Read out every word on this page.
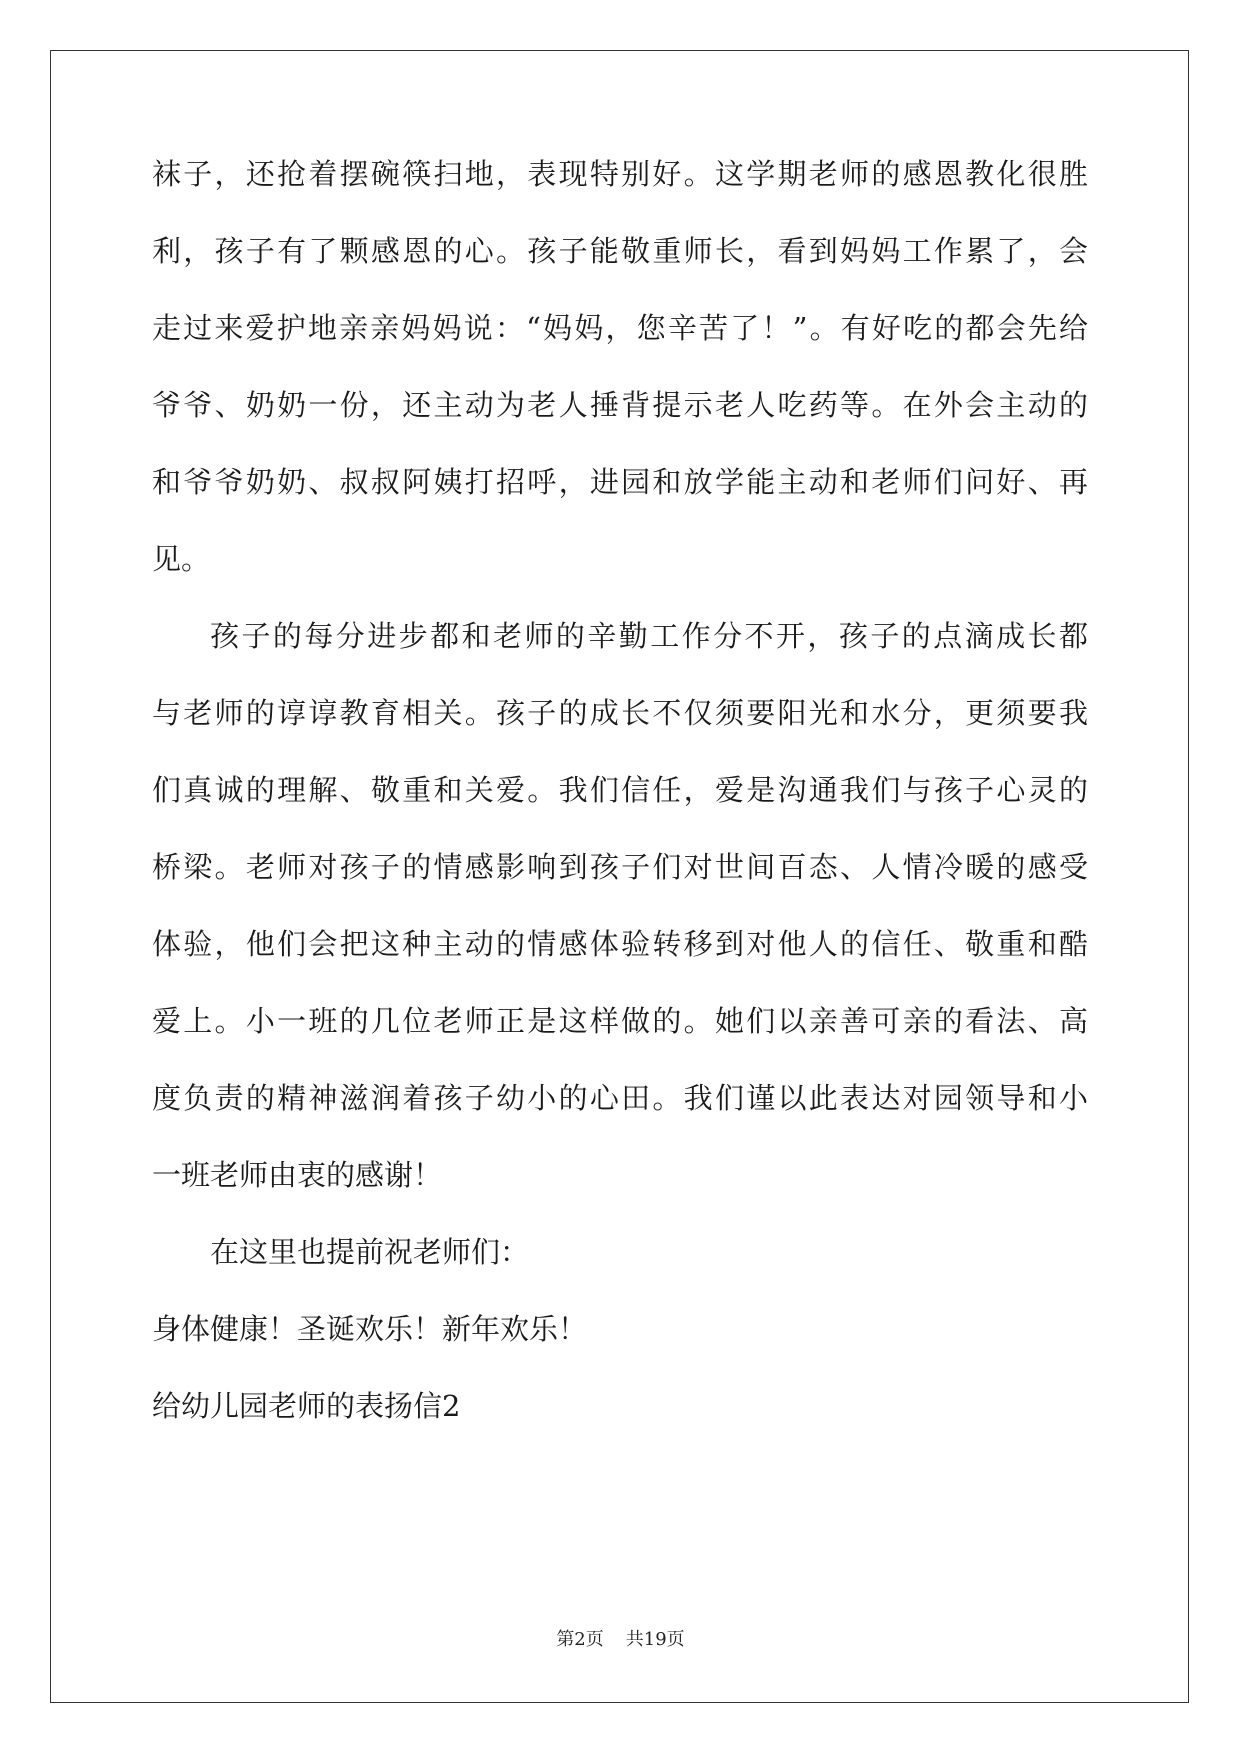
袜子，还抢着摆碗筷扫地，表现特别好。这学期老师的感恩教化很胜
利，孩子有了颗感恩的心。孩子能敬重师长，看到妈妈工作累了，会
走过来爱护地亲亲妈妈说：“妈妈，您辛苦了！”。有好吃的都会先给
爷爷、奶奶一份，还主动为老人捶背提示老人吃药等。在外会主动的
和爷爷奶奶、叔叔阿姨打招呼，进园和放学能主动和老师们问好、再
见。
孩子的每分进步都和老师的辛勤工作分不开，孩子的点滴成长都
与老师的谆谆教育相关。孩子的成长不仅须要阳光和水分，更须要我
们真诚的理解、敬重和关爱。我们信任，爱是沟通我们与孩子心灵的
桥梁。老师对孩子的情感影响到孩子们对世间百态、人情冷暖的感受
体验，他们会把这种主动的情感体验转移到对他人的信任、敬重和酷
爱上。小一班的几位老师正是这样做的。她们以亲善可亲的看法、高
度负责的精神滋润着孩子幼小的心田。我们谨以此表达对园领导和小
一班老师由衷的感谢！
在这里也提前祝老师们：
身体健康！圣诞欢乐！新年欢乐！
给幼儿园老师的表扬信2
第2页 共19页
